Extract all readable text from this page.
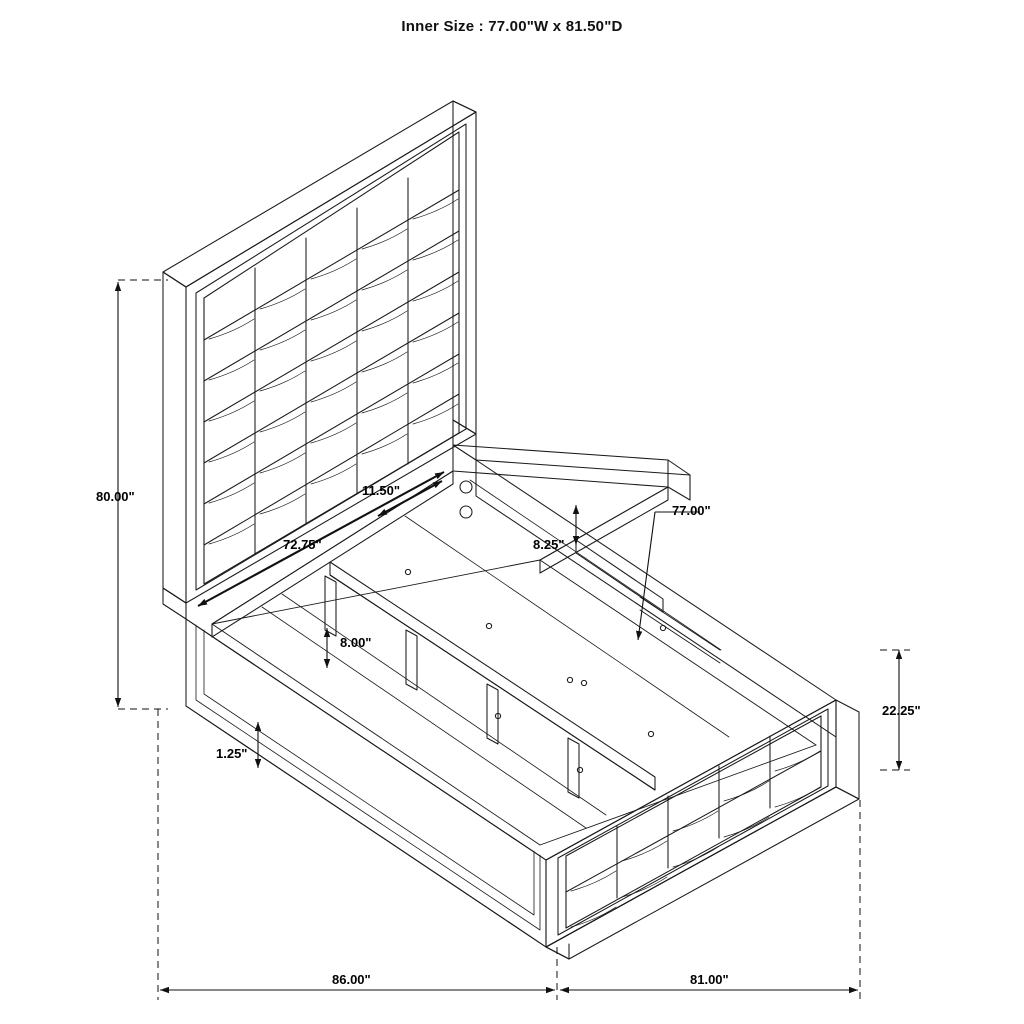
Inner Size : 77.00"W x 81.50"D
80.00"
72.75"
11.50"
8.25"
77.00"
8.00"
1.25"
22.25"
86.00"	81.00"
